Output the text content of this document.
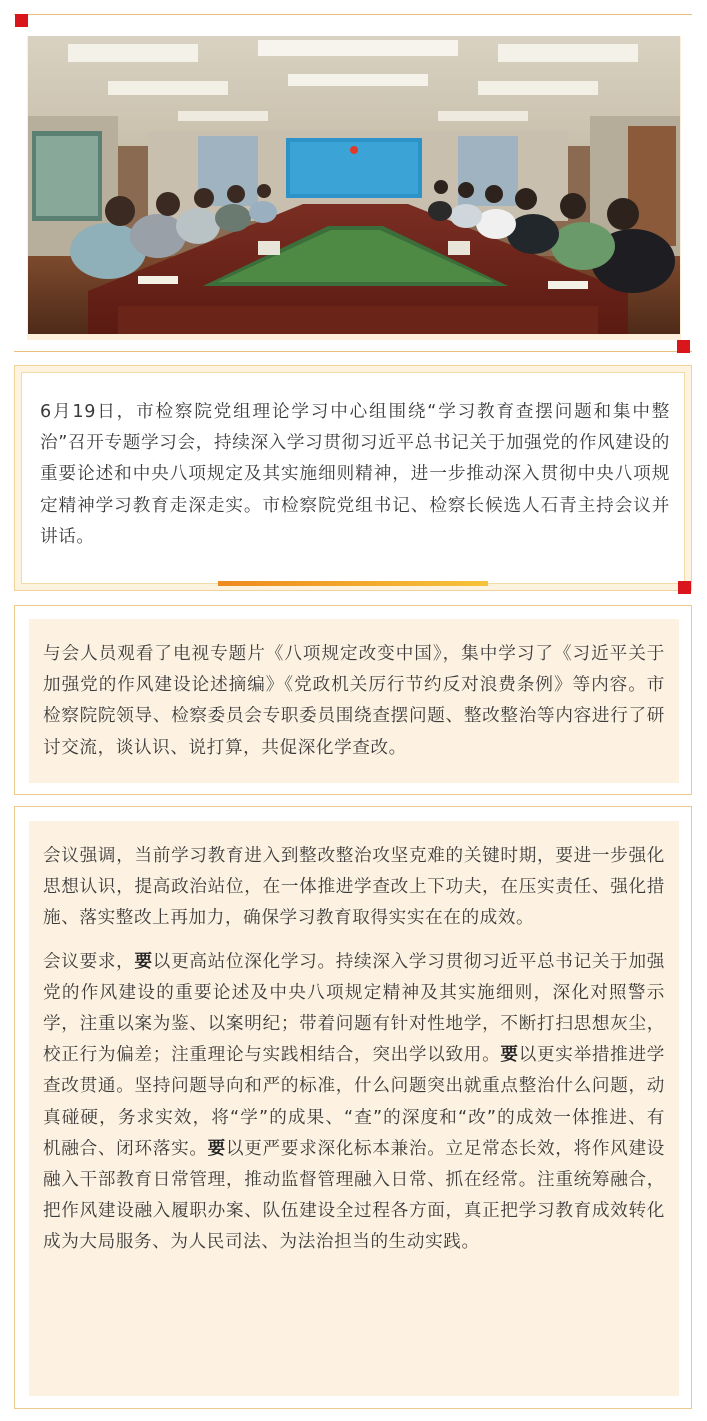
6月19日，市检察院党组理论学习中心组围绕“学习教育查摆问题和集中整治”召开专题学习会，持续深入学习贯彻习近平总书记关于加强党的作风建设的重要论述和中央八项规定及其实施细则精神，进一步推动深入贯彻中央八项规定精神学习教育走深走实。市检察院党组书记、检察长候选人石青主持会议并讲话。

与会人员观看了电视专题片《八项规定改变中国》，集中学习了《习近平关于加强党的作风建设论述摘编》《党政机关厉行节约反对浪费条例》等内容。市检察院院领导、检察委员会专职委员围绕查摆问题、整改整治等内容进行了研讨交流，谈认识、说打算，共促深化学查改。

会议强调，当前学习教育进入到整改整治攻坚克难的关键时期，要进一步强化思想认识，提高政治站位，在一体推进学查改上下功夫，在压实责任、强化措施、落实整改上再加力，确保学习教育取得实实在在的成效。

会议要求，要以更高站位深化学习。持续深入学习贯彻习近平总书记关于加强党的作风建设的重要论述及中央八项规定精神及其实施细则，深化对照警示学，注重以案为鉴、以案明纪；带着问题有针对性地学，不断打扫思想灰尘，校正行为偏差；注重理论与实践相结合，突出学以致用。要以更实举措推进学查改贯通。坚持问题导向和严的标准，什么问题突出就重点整治什么问题，动真碰硬，务求实效，将“学”的成果、“查”的深度和“改”的成效一体推进、有机融合、闭环落实。要以更严要求深化标本兼治。立足常态长效，将作风建设融入干部教育日常管理，推动监督管理融入日常、抓在经常。注重统筹融合，把作风建设融入履职办案、队伍建设全过程各方面，真正把学习教育成效转化成为大局服务、为人民司法、为法治担当的生动实践。
